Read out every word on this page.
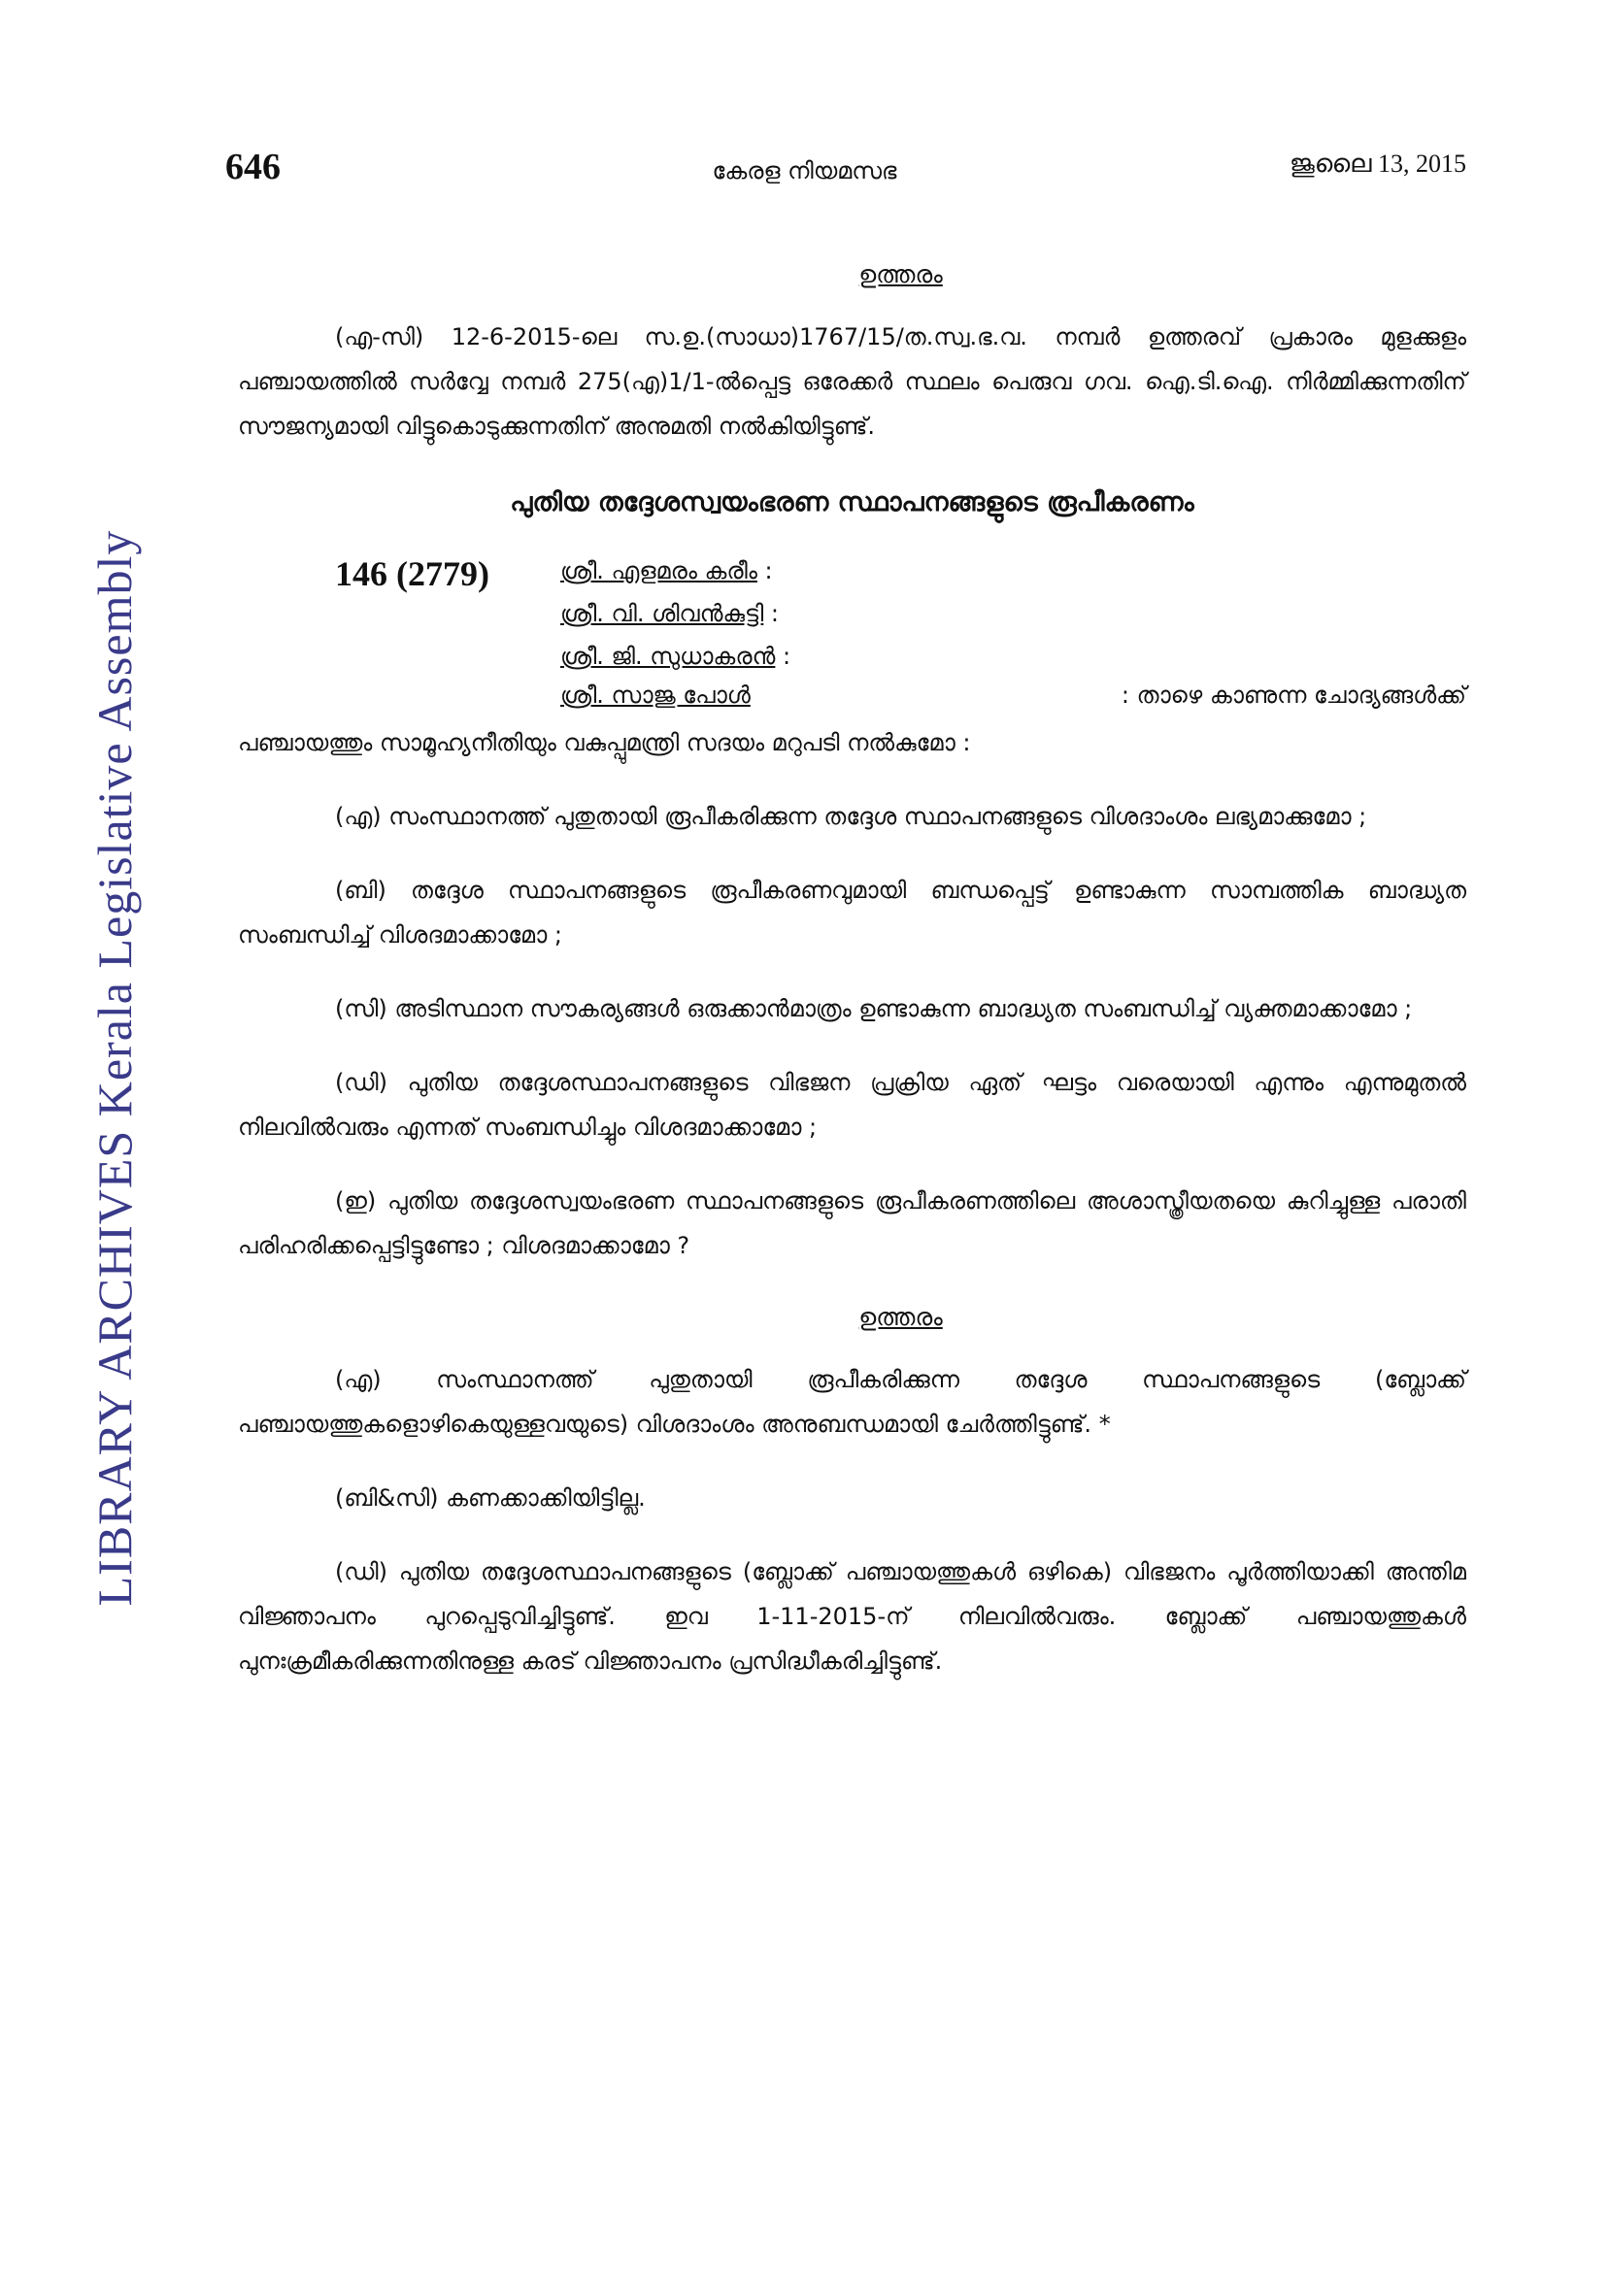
LIBRARY ARCHIVES Kerala Legislative Assembly
646	കേരള നിയമസഭ	ജൂലൈ 13, 2015
ഉത്തരം

(എ-സി) 12-6-2015-ലെ സ.ഉ.(സാധാ)1767/15/ത.സ്വ.ഭ.വ. നമ്പർ ഉത്തരവ് പ്രകാരം മുളക്കുളം പഞ്ചായത്തിൽ സർവ്വേ നമ്പർ 275(എ)1/1-ൽപ്പെട്ട ഒരേക്കർ സ്ഥലം പെരുവ ഗവ. ഐ.ടി.ഐ. നിർമ്മിക്കുന്നതിന് സൗജന്യമായി വിട്ടുകൊടുക്കുന്നതിന് അനുമതി നൽകിയിട്ടുണ്ട്.

പുതിയ തദ്ദേശസ്വയംഭരണ സ്ഥാപനങ്ങളുടെ രൂപീകരണം
146 (2779)	ശ്രീ. എളമരം കരീം :
ശ്രീ. വി. ശിവൻകുട്ടി :
ശ്രീ. ജി. സുധാകരൻ :
ശ്രീ. സാജു പോൾ	: താഴെ കാണുന്ന ചോദ്യങ്ങൾക്ക്

പഞ്ചായത്തും സാമൂഹ്യനീതിയും വകുപ്പുമന്ത്രി സദയം മറുപടി നൽകുമോ :

(എ) സംസ്ഥാനത്ത് പുതുതായി രൂപീകരിക്കുന്ന തദ്ദേശ സ്ഥാപനങ്ങളുടെ വിശദാംശം ലഭ്യമാക്കുമോ ;

(ബി) തദ്ദേശ സ്ഥാപനങ്ങളുടെ രൂപീകരണവുമായി ബന്ധപ്പെട്ട് ഉണ്ടാകുന്ന സാമ്പത്തിക ബാദ്ധ്യത സംബന്ധിച്ച് വിശദമാക്കാമോ ;

(സി) അടിസ്ഥാന സൗകര്യങ്ങൾ ഒരുക്കാൻമാത്രം ഉണ്ടാകുന്ന ബാദ്ധ്യത സംബന്ധിച്ച് വ്യക്തമാക്കാമോ ;

(ഡി) പുതിയ തദ്ദേശസ്ഥാപനങ്ങളുടെ വിഭജന പ്രക്രിയ ഏത് ഘട്ടം വരെയായി എന്നും എന്നുമുതൽ നിലവിൽവരും എന്നത് സംബന്ധിച്ചും വിശദമാക്കാമോ ;

(ഇ) പുതിയ തദ്ദേശസ്വയംഭരണ സ്ഥാപനങ്ങളുടെ രൂപീകരണത്തിലെ അശാസ്ത്രീയതയെ കുറിച്ചുള്ള പരാതി പരിഹരിക്കപ്പെട്ടിട്ടുണ്ടോ ; വിശദമാക്കാമോ ?

ഉത്തരം

(എ) സംസ്ഥാനത്ത് പുതുതായി രൂപീകരിക്കുന്ന തദ്ദേശ സ്ഥാപനങ്ങളുടെ (ബ്ലോക്ക് പഞ്ചായത്തുകളൊഴികെയുള്ളവയുടെ) വിശദാംശം അനുബന്ധമായി ചേർത്തിട്ടുണ്ട്. *

(ബി&സി) കണക്കാക്കിയിട്ടില്ല.

(ഡി) പുതിയ തദ്ദേശസ്ഥാപനങ്ങളുടെ (ബ്ലോക്ക് പഞ്ചായത്തുകൾ ഒഴികെ) വിഭജനം പൂർത്തിയാക്കി അന്തിമ വിജ്ഞാപനം പുറപ്പെടുവിച്ചിട്ടുണ്ട്. ഇവ 1-11-2015-ന് നിലവിൽവരും. ബ്ലോക്ക് പഞ്ചായത്തുകൾ പുനഃക്രമീകരിക്കുന്നതിനുള്ള കരട് വിജ്ഞാപനം പ്രസിദ്ധീകരിച്ചിട്ടുണ്ട്.
